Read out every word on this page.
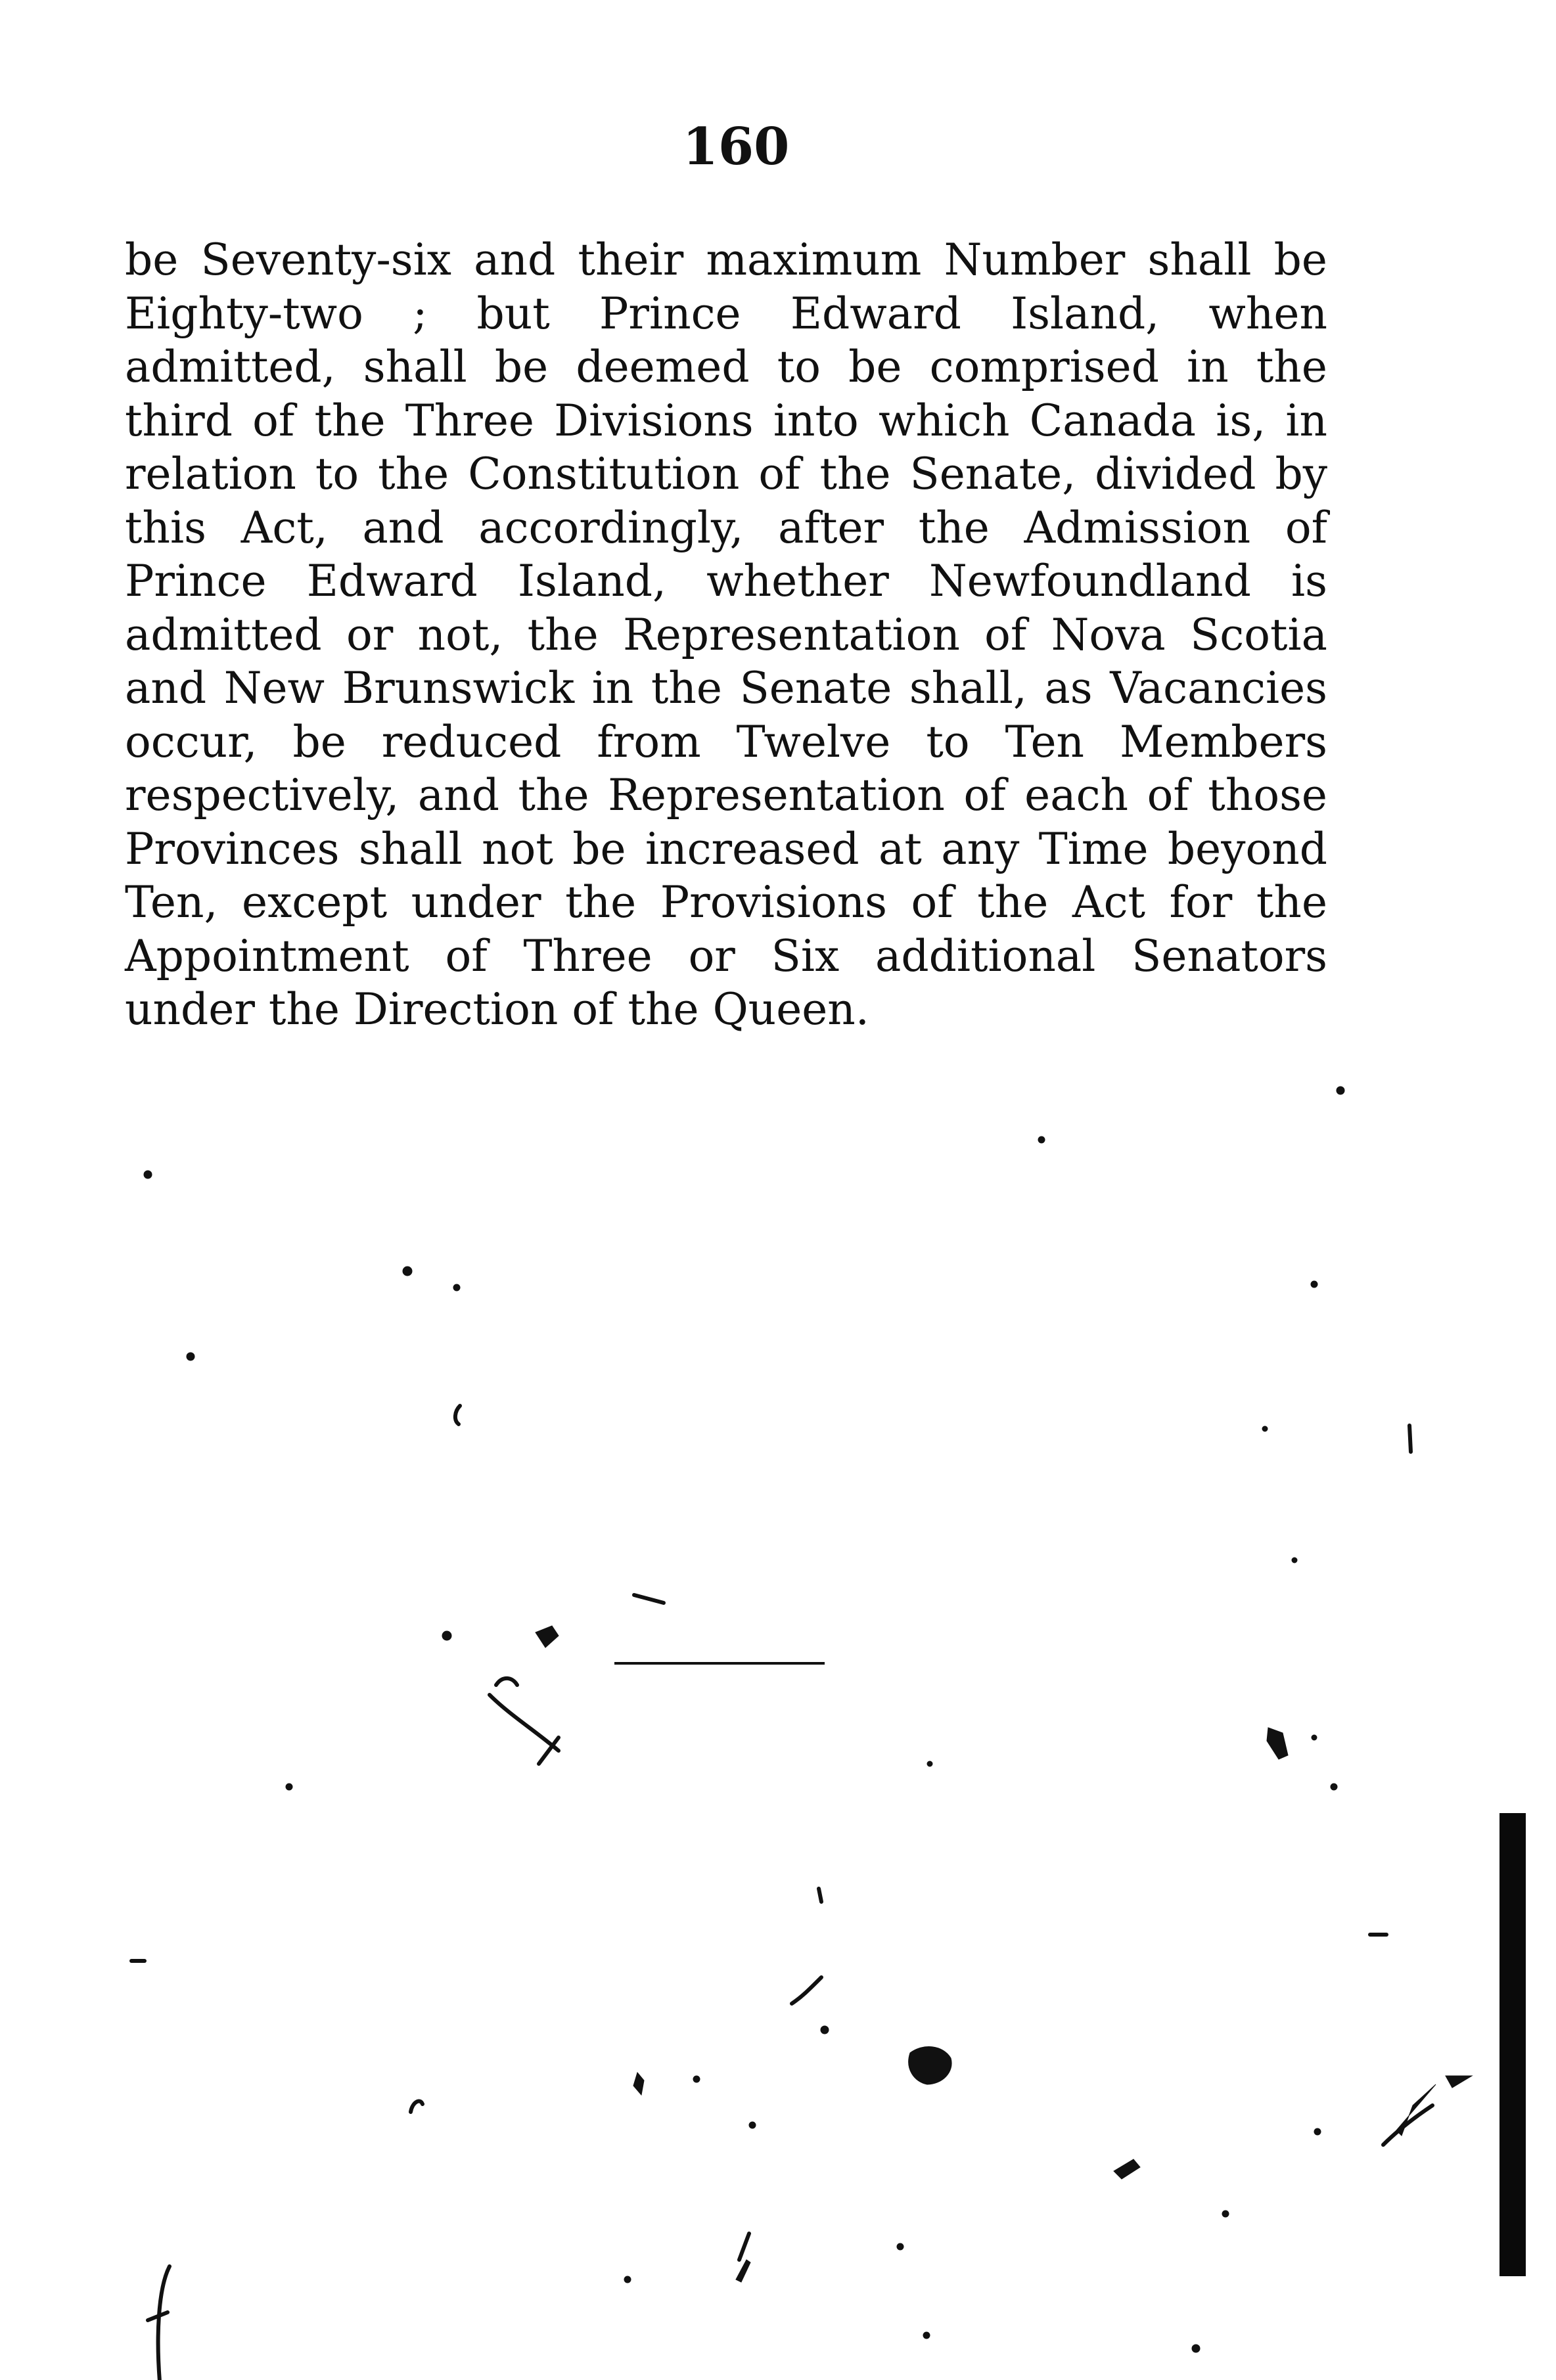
160
be Seventy-six and their maximum Number shall be
Eighty-two ; but Prince Edward Island, when
admitted, shall be deemed to be comprised in the
third of the Three Divisions into which Canada is, in
relation to the Constitution of the Senate, divided by
this Act, and accordingly, after the Admission of
Prince Edward Island, whether Newfoundland is
admitted or not, the Representation of Nova Scotia
and New Brunswick in the Senate shall, as Vacancies
occur, be reduced from Twelve to Ten Members
respectively, and the Representation of each of those
Provinces shall not be increased at any Time beyond
Ten, except under the Provisions of the Act for the
Appointment of Three or Six additional Senators
under the Direction of the Queen.
